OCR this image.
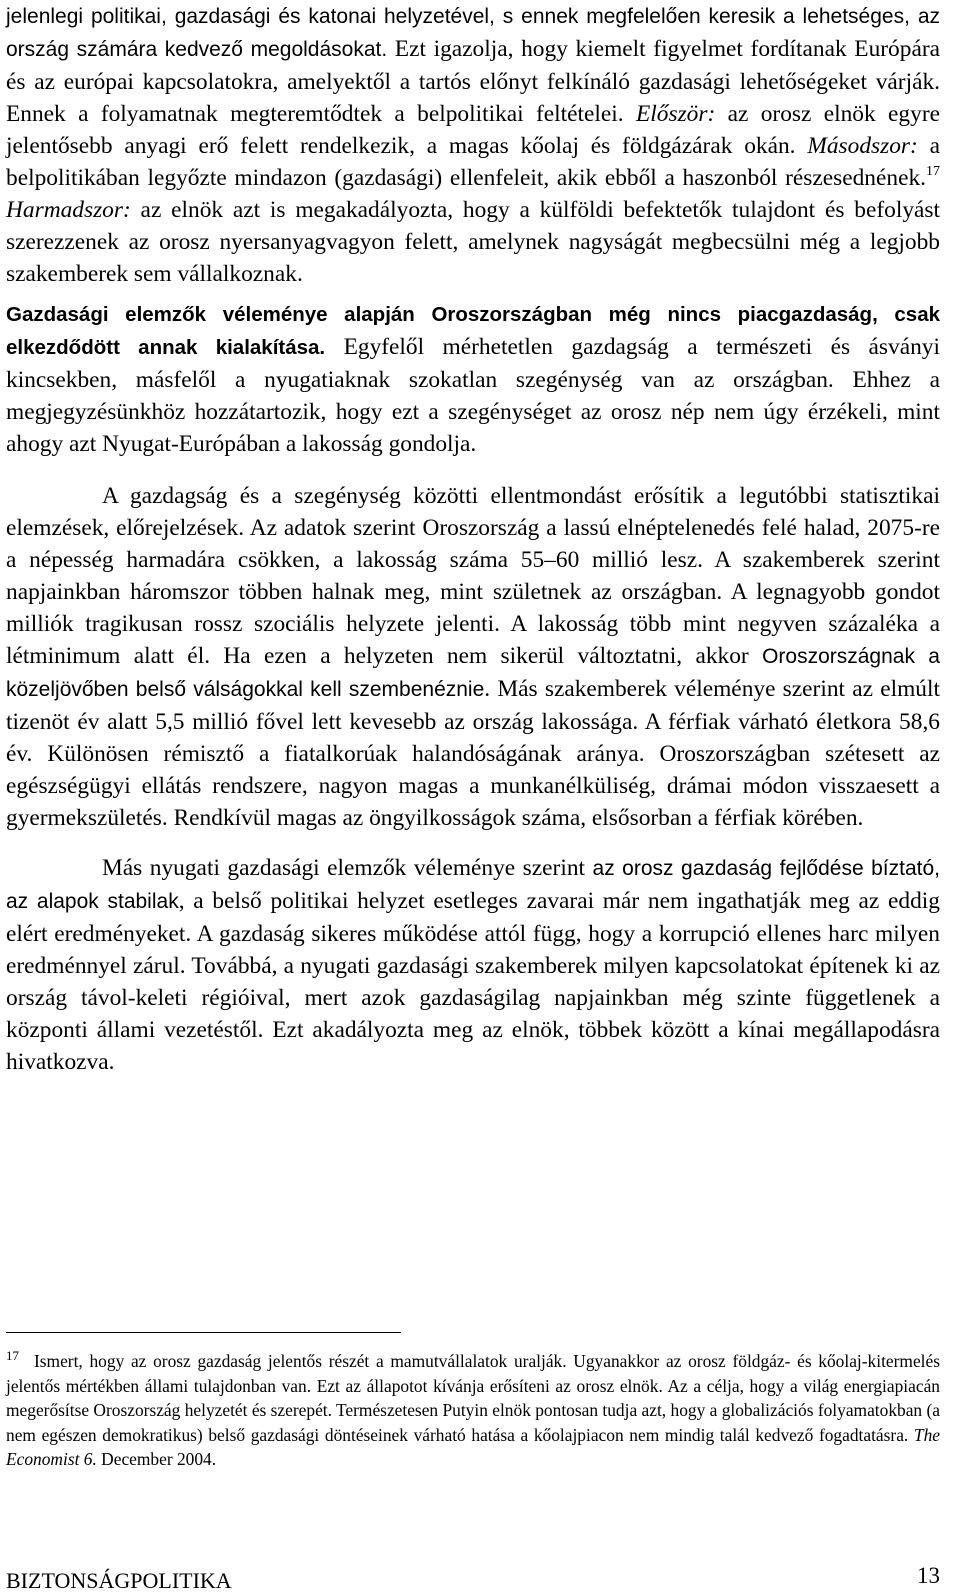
jelenlegi politikai, gazdasági és katonai helyzetével, s ennek megfelelően keresik a lehetséges, az ország számára kedvező megoldásokat. Ezt igazolja, hogy kiemelt figyelmet fordítanak Európára és az európai kapcsolatokra, amelyektől a tartós előnyt felkínáló gazdasági lehetőségeket várják. Ennek a folyamatnak megteremtődtek a belpolitikai feltételei. Először: az orosz elnök egyre jelentősebb anyagi erő felett rendelkezik, a magas kőolaj és földgázárak okán. Másodszor: a belpolitikában legyőzte mindazon (gazdasági) ellenfeleit, akik ebből a haszonból részesednének.$^{17}$ Harmadszor: az elnök azt is megakadályozta, hogy a külföldi befektetők tulajdont és befolyást szerezzenek az orosz nyersanyagvagyon felett, amelynek nagyságát megbecsülni még a legjobb szakemberek sem vállalkoznak.

Gazdasági elemzők véleménye alapján Oroszországban még nincs piacgazdaság, csak elkezdődött annak kialakítása. Egyfelől mérhetetlen gazdagság a természeti és ásványi kincsekben, másfelől a nyugatiaknak szokatlan szegénység van az országban. Ehhez a megjegyzésünkhöz hozzátartozik, hogy ezt a szegénységet az orosz nép nem úgy érzékeli, mint ahogy azt Nyugat-Európában a lakosság gondolja.

A gazdagság és a szegénység közötti ellentmondást erősítik a legutóbbi statisztikai elemzések, előrejelzések. Az adatok szerint Oroszország a lassú elnéptelenedés felé halad, 2075-re a népesség harmadára csökken, a lakosság száma 55–60 millió lesz. A szakemberek szerint napjainkban háromszor többen halnak meg, mint születnek az országban. A legnagyobb gondot milliók tragikusan rossz szociális helyzete jelenti. A lakosság több mint negyven százaléka a létminimum alatt él. Ha ezen a helyzeten nem sikerül változtatni, akkor Oroszországnak a közeljövőben belső válságokkal kell szembenéznie. Más szakemberek véleménye szerint az elmúlt tizenöt év alatt 5,5 millió fővel lett kevesebb az ország lakossága. A férfiak várható életkora 58,6 év. Különösen rémisztő a fiatalkorúak halandóságának aránya. Oroszországban szétesett az egészségügyi ellátás rendszere, nagyon magas a munkanélküliség, drámai módon visszaesett a gyermekszületés. Rendkívül magas az öngyilkosságok száma, elsősorban a férfiak körében.

Más nyugati gazdasági elemzők véleménye szerint az orosz gazdaság fejlődése bíztató, az alapok stabilak, a belső politikai helyzet esetleges zavarai már nem ingathatják meg az eddig elért eredményeket. A gazdaság sikeres működése attól függ, hogy a korrupció ellenes harc milyen eredménnyel zárul. Továbbá, a nyugati gazdasági szakemberek milyen kapcsolatokat építenek ki az ország távol-keleti régióival, mert azok gazdaságilag napjainkban még szinte függetlenek a központi állami vezetéstől. Ezt akadályozta meg az elnök, többek között a kínai megállapodásra hivatkozva.

17 Ismert, hogy az orosz gazdaság jelentős részét a mamutvállalatok uralják. Ugyanakkor az orosz földgáz- és kőolaj-kitermelés jelentős mértékben állami tulajdonban van. Ezt az állapotot kívánja erősíteni az orosz elnök. Az a célja, hogy a világ energiapiacán megerősítse Oroszország helyzetét és szerepét. Természetesen Putyin elnök pontosan tudja azt, hogy a globalizációs folyamatokban (a nem egészen demokratikus) belső gazdasági döntéseinek várható hatása a kőolajpiacon nem mindig talál kedvező fogadtatásra. The Economist 6. December 2004.
BIZTONSÁGPOLITIKA	13
